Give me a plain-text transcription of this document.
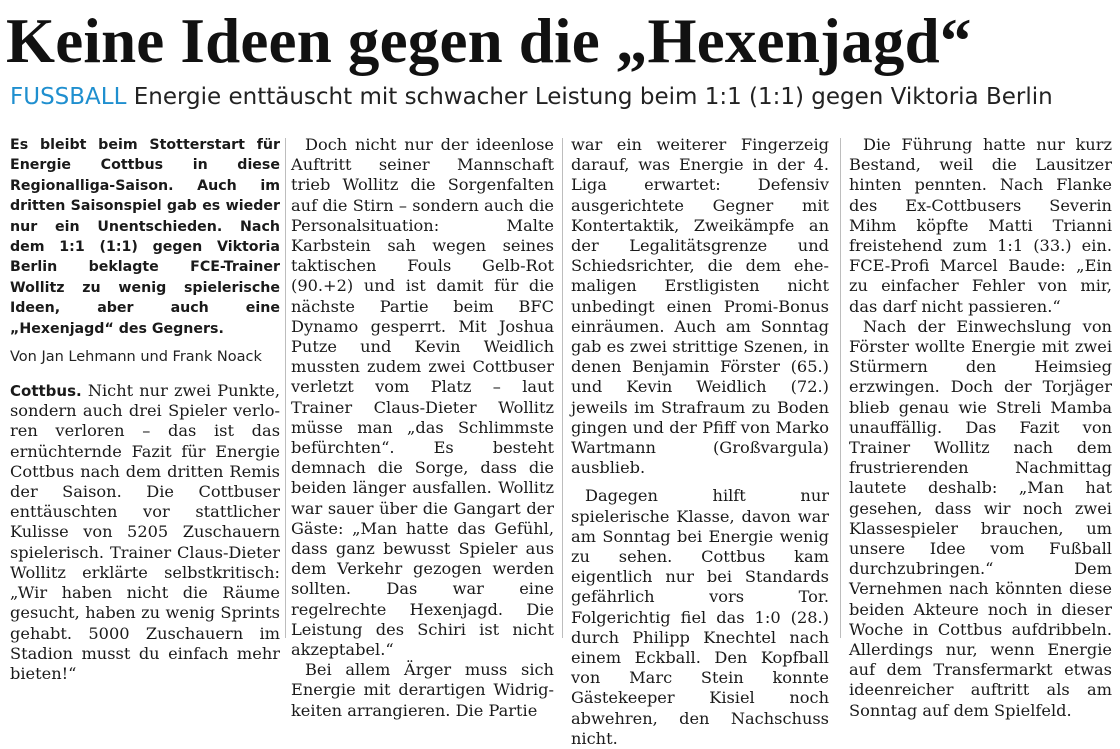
Keine Ideen gegen die „Hexenjagd“
FUSSBALL Energie enttäuscht mit schwacher Leistung beim 1:1 (1:1) gegen Viktoria Berlin

Es bleibt beim Stotterstart für Energie Cottbus in diese Regionalliga-Saison. Auch im dritten Saisonspiel gab es wieder nur ein Unentschieden. Nach dem 1:1 (1:1) gegen Viktoria Berlin beklagte FCE-Trainer Wollitz zu wenig spielerische Ideen, aber auch eine „Hexenjagd“ des Gegners.

Von Jan Lehmann und Frank Noack

Cottbus. Nicht nur zwei Punkte, sondern auch drei Spieler verloren verloren – das ist das ernüchternde Fazit für Energie Cottbus nach dem dritten Remis der Saison. Die Cottbuser enttäuschten vor stattlicher Kulisse von 5205 Zuschauern spielerisch. Trainer Claus-Dieter Wollitz erklärte selbstkritisch: „Wir haben nicht die Räume gesucht, haben zu wenig Sprints gehabt. 5000 Zuschauern im Stadion musst du einfach mehr bieten!“

Doch nicht nur der ideenlose Auftritt seiner Mannschaft trieb Wollitz die Sorgenfalten auf die Stirn – sondern auch die Personalsituation: Malte Karbstein sah wegen seines taktischen Fouls Gelb-Rot (90.+2) und ist damit für die nächste Partie beim BFC Dynamo gesperrt. Mit Joshua Putze und Kevin Weidlich mussten zudem zwei Cottbuser verletzt vom Platz – laut Trainer Claus-Dieter Wollitz müsse man „das Schlimmste befürchten“. Es besteht demnach die Sorge, dass die beiden länger ausfallen. Wollitz war sauer über die Gangart der Gäste: „Man hatte das Gefühl, dass ganz bewusst Spieler aus dem Verkehr gezogen werden sollten. Das war eine regelrechte Hexenjagd. Die Leistung des Schiri ist nicht akzeptabel.“

Bei allem Ärger muss sich Energie mit derartigen Widrigkeiten arrangieren. Die Partie

war ein weiterer Fingerzeig darauf, was Energie in der 4. Liga erwartet: Defensiv ausgerichtete Gegner mit Kontertaktik, Zweikämpfe an der Legalitätsgrenze und Schiedsrichter, die dem ehemaligen Erstligisten nicht unbedingt einen Promi-Bonus einräumen. Auch am Sonntag gab es zwei strittige Szenen, in denen Benjamin Förster (65.) und Kevin Weidlich (72.) jeweils im Strafraum zu Boden gingen und der Pfiff von Marko Wartmann (Großvargula) ausblieb.

Dagegen hilft nur spielerische Klasse, davon war am Sonntag bei Energie wenig zu sehen. Cottbus kam eigentlich nur bei Standards gefährlich vors Tor. Folgerichtig fiel das 1:0 (28.) durch Philipp Knechtel nach einem Eckball. Den Kopfball von Marc Stein konnte Gästekeeper Kisiel noch abwehren, den Nachschuss nicht.

Die Führung hatte nur kurz Bestand, weil die Lausitzer hinten pennten. Nach Flanke des Ex-Cottbusers Severin Mihm köpfte Matti Trianni freistehend zum 1:1 (33.) ein. FCE-Profi Marcel Baude: „Ein zu einfacher Fehler von mir, das darf nicht passieren.“

Nach der Einwechslung von Förster wollte Energie mit zwei Stürmern den Heimsieg erzwingen. Doch der Torjäger blieb genau wie Streli Mamba unauffällig. Das Fazit von Trainer Wollitz nach dem frustrierenden Nachmittag lautete deshalb: „Man hat gesehen, dass wir noch zwei Klassespieler brauchen, um unsere Idee vom Fußball durchzubringen.“ Dem Vernehmen nach könnten diese beiden Akteure noch in dieser Woche in Cottbus aufdribbeln. Allerdings nur, wenn Energie auf dem Transfermarkt etwas ideenreicher auftritt als am Sonntag auf dem Spielfeld.
